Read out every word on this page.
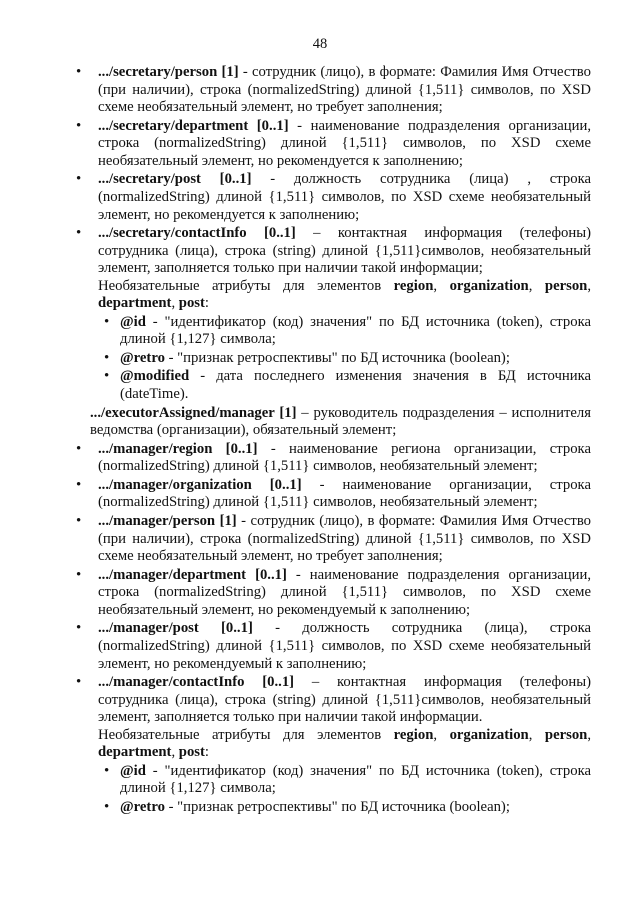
48
• .../secretary/person [1] - сотрудник (лицо), в формате: Фамилия Имя Отчество (при наличии), строка (normalizedString) длиной {1,511} символов, по XSD схеме необязательный элемент, но требует заполнения;
• .../secretary/department [0..1] - наименование подразделения организации, строка (normalizedString) длиной {1,511} символов, по XSD схеме необязательный элемент, но рекомендуется к заполнению;
• .../secretary/post [0..1] - должность сотрудника (лица) , строка (normalizedString) длиной {1,511} символов, по XSD схеме необязательный элемент, но рекомендуется к заполнению;
• .../secretary/contactInfo [0..1] – контактная информация (телефоны) сотрудника (лица), строка (string) длиной {1,511}символов, необязательный элемент, заполняется только при наличии такой информации;

Необязательные атрибуты для элементов region, organization, person, department, post:

• @id - "идентификатор (код) значения" по БД источника (token), строка длиной {1,127} символа;
• @retro - "признак ретроспективы" по БД источника (boolean);
• @modified - дата последнего изменения значения в БД источника (dateTime).

.../executorAssigned/manager [1] – руководитель подразделения – исполнителя ведомства (организации), обязательный элемент;

• .../manager/region [0..1] - наименование региона организации, строка (normalizedString) длиной {1,511} символов, необязательный элемент;
• .../manager/organization [0..1] - наименование организации, строка (normalizedString) длиной {1,511} символов, необязательный элемент;
• .../manager/person [1] - сотрудник (лицо), в формате: Фамилия Имя Отчество (при наличии), строка (normalizedString) длиной {1,511} символов, по XSD схеме необязательный элемент, но требует заполнения;
• .../manager/department [0..1] - наименование подразделения организации, строка (normalizedString) длиной {1,511} символов, по XSD схеме необязательный элемент, но рекомендуемый к заполнению;
• .../manager/post [0..1] - должность сотрудника (лица), строка (normalizedString) длиной {1,511} символов, по XSD схеме необязательный элемент, но рекомендуемый к заполнению;
• .../manager/contactInfo [0..1] – контактная информация (телефоны) сотрудника (лица), строка (string) длиной {1,511}символов, необязательный элемент, заполняется только при наличии такой информации.

Необязательные атрибуты для элементов region, organization, person, department, post:

• @id - "идентификатор (код) значения" по БД источника (token), строка длиной {1,127} символа;
• @retro - "признак ретроспективы" по БД источника (boolean);
